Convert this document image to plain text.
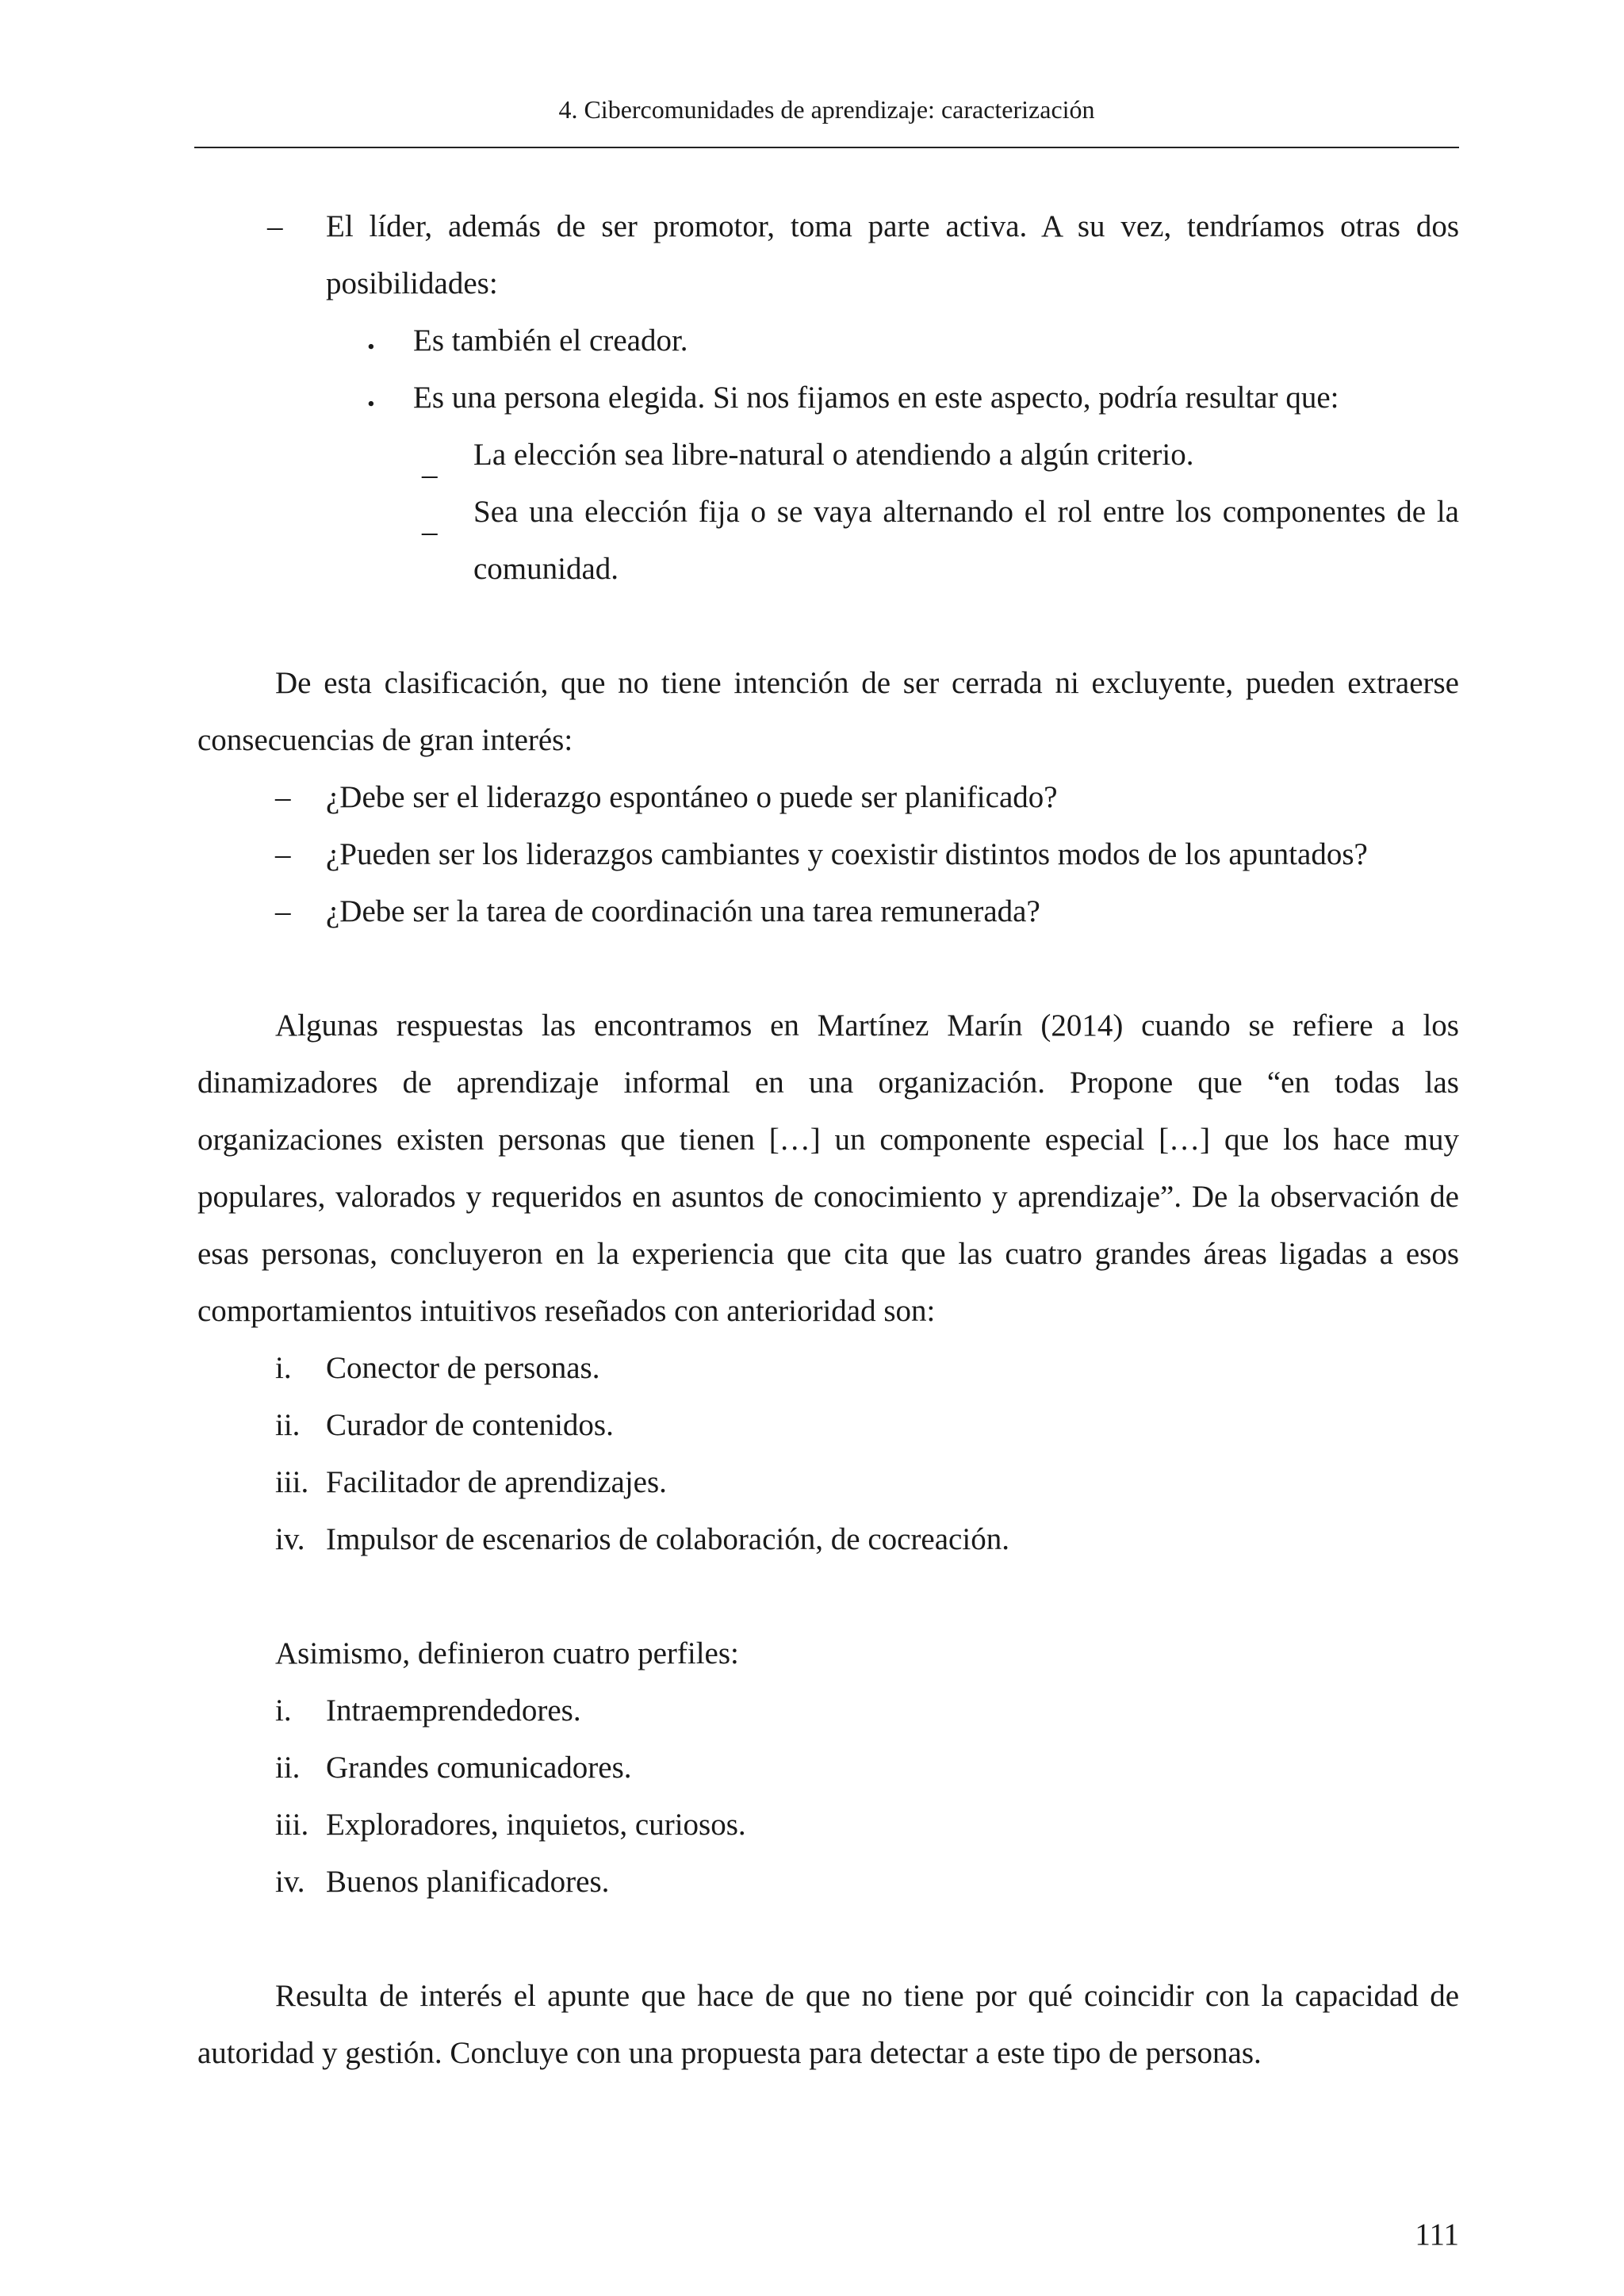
4. Cibercomunidades de aprendizaje: caracterización
– El líder, además de ser promotor, toma parte activa. A su vez, tendríamos otras dos posibilidades:
. Es también el creador.
. Es una persona elegida. Si nos fijamos en este aspecto, podría resultar que:
_ La elección sea libre-natural o atendiendo a algún criterio.
_ Sea una elección fija o se vaya alternando el rol entre los componentes de la comunidad.

De esta clasificación, que no tiene intención de ser cerrada ni excluyente, pueden extraerse consecuencias de gran interés:

– ¿Debe ser el liderazgo espontáneo o puede ser planificado?
– ¿Pueden ser los liderazgos cambiantes y coexistir distintos modos de los apuntados?
– ¿Debe ser la tarea de coordinación una tarea remunerada?

Algunas respuestas las encontramos en Martínez Marín (2014) cuando se refiere a los dinamizadores de aprendizaje informal en una organización. Propone que “en todas las organizaciones existen personas que tienen […] un componente especial […] que los hace muy populares, valorados y requeridos en asuntos de conocimiento y aprendizaje”. De la observación de esas personas, concluyeron en la experiencia que cita que las cuatro grandes áreas ligadas a esos comportamientos intuitivos reseñados con anterioridad son:

i. Conector de personas.
ii. Curador de contenidos.
iii. Facilitador de aprendizajes.
iv. Impulsor de escenarios de colaboración, de cocreación.

Asimismo, definieron cuatro perfiles:

i. Intraemprendedores.
ii. Grandes comunicadores.
iii. Exploradores, inquietos, curiosos.
iv. Buenos planificadores.

Resulta de interés el apunte que hace de que no tiene por qué coincidir con la capacidad de autoridad y gestión. Concluye con una propuesta para detectar a este tipo de personas.

111
